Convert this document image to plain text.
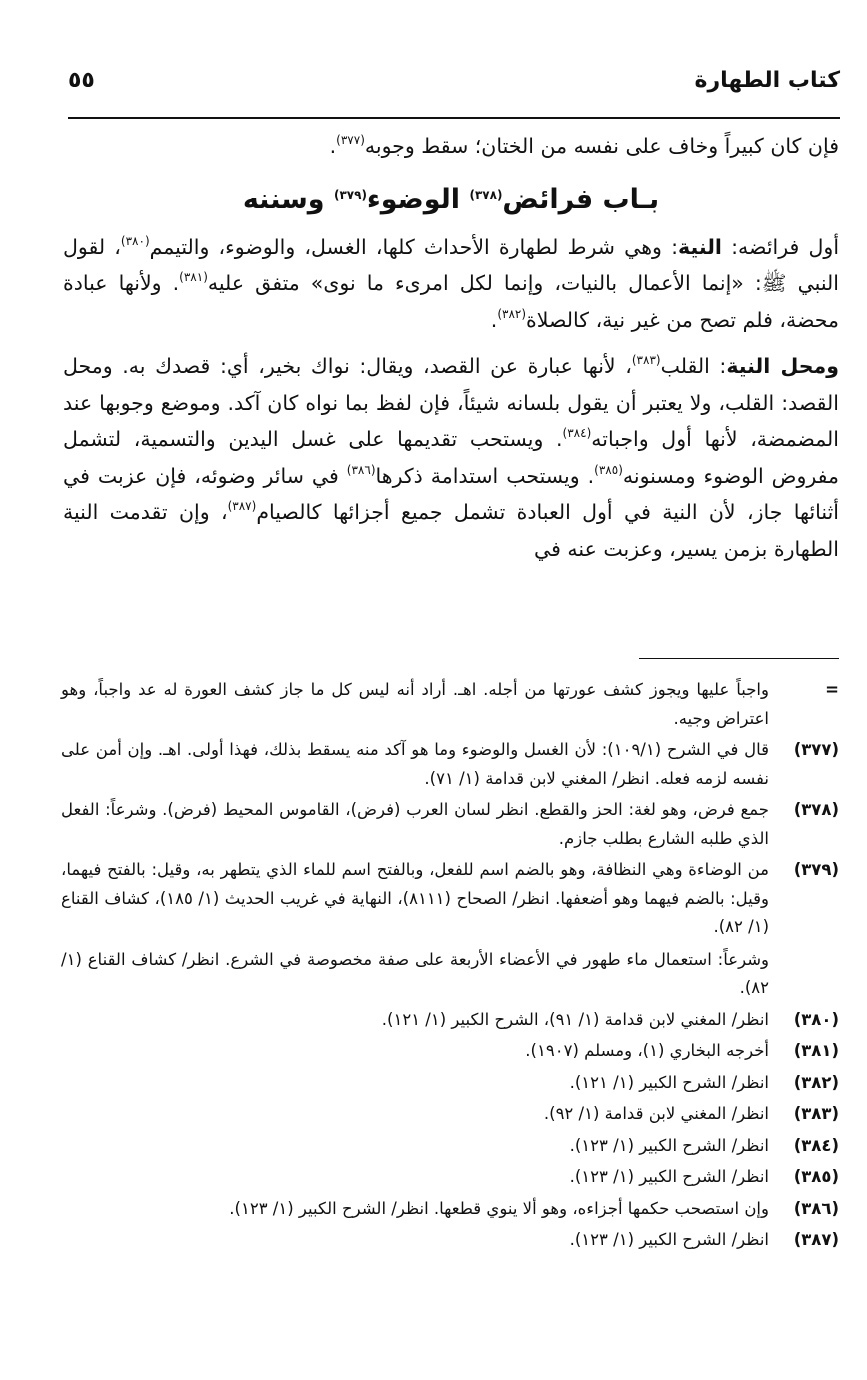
كتاب الطهارة
٥٥

فإن كان كبيراً وخاف على نفسه من الختان؛ سقط وجوبه$^{(٣٧٧)}$.

بـاب فرائض$^{(٣٧٨)}$ الوضوء$^{(٣٧٩)}$ وسننه

أول فرائضه: النية: وهي شرط لطهارة الأحداث كلها، الغسل، والوضوء، والتيمم$^{(٣٨٠)}$، لقول النبي ﷺ: «إنما الأعمال بالنيات، وإنما لكل امرىء ما نوى» متفق عليه$^{(٣٨١)}$. ولأنها عبادة محضة، فلم تصح من غير نية، كالصلاة$^{(٣٨٢)}$.

ومحل النية: القلب$^{(٣٨٣)}$، لأنها عبارة عن القصد، ويقال: نواك بخير، أي: قصدك به. ومحل القصد: القلب، ولا يعتبر أن يقول بلسانه شيئاً، فإن لفظ بما نواه كان آكد. وموضع وجوبها عند المضمضة، لأنها أول واجباته$^{(٣٨٤)}$. ويستحب تقديمها على غسل اليدين والتسمية، لتشمل مفروض الوضوء ومسنونه$^{(٣٨٥)}$. ويستحب استدامة ذكرها$^{(٣٨٦)}$ في سائر وضوئه، فإن عزبت في أثنائها جاز، لأن النية في أول العبادة تشمل جميع أجزائها كالصيام$^{(٣٨٧)}$، وإن تقدمت النية الطهارة بزمن يسير، وعزبت عنه في

=

واجباً عليها ويجوز كشف عورتها من أجله. اهـ. أراد أنه ليس كل ما جاز كشف العورة له عد واجباً، وهو اعتراض وجيه.

(٣٧٧)

قال في الشرح (١٠٩/١): لأن الغسل والوضوء وما هو آكد منه يسقط بذلك، فهذا أولى. اهـ. وإن أمن على نفسه لزمه فعله. انظر/ المغني لابن قدامة (١/ ٧١).

(٣٧٨)

جمع فرض، وهو لغة: الحز والقطع. انظر لسان العرب (فرض)، القاموس المحيط (فرض). وشرعاً: الفعل الذي طلبه الشارع بطلب جازم.

(٣٧٩)

من الوضاءة وهي النظافة، وهو بالضم اسم للفعل، وبالفتح اسم للماء الذي يتطهر به، وقيل: بالفتح فيهما، وقيل: بالضم فيهما وهو أضعفها. انظر/ الصحاح (٨١١١)، النهاية في غريب الحديث (١/ ١٨٥)، كشاف القناع (١/ ٨٢).

وشرعاً: استعمال ماء طهور في الأعضاء الأربعة على صفة مخصوصة في الشرع. انظر/ كشاف القناع (١/ ٨٢).

(٣٨٠)

انظر/ المغني لابن قدامة (١/ ٩١)، الشرح الكبير (١/ ١٢١).

(٣٨١)

أخرجه البخاري (١)، ومسلم (١٩٠٧).

(٣٨٢)

انظر/ الشرح الكبير (١/ ١٢١).

(٣٨٣)

انظر/ المغني لابن قدامة (١/ ٩٢).

(٣٨٤)

انظر/ الشرح الكبير (١/ ١٢٣).

(٣٨٥)

انظر/ الشرح الكبير (١/ ١٢٣).

(٣٨٦)

وإن استصحب حكمها أجزاءه، وهو ألا ينوي قطعها. انظر/ الشرح الكبير (١/ ١٢٣).

(٣٨٧)

انظر/ الشرح الكبير (١/ ١٢٣).
